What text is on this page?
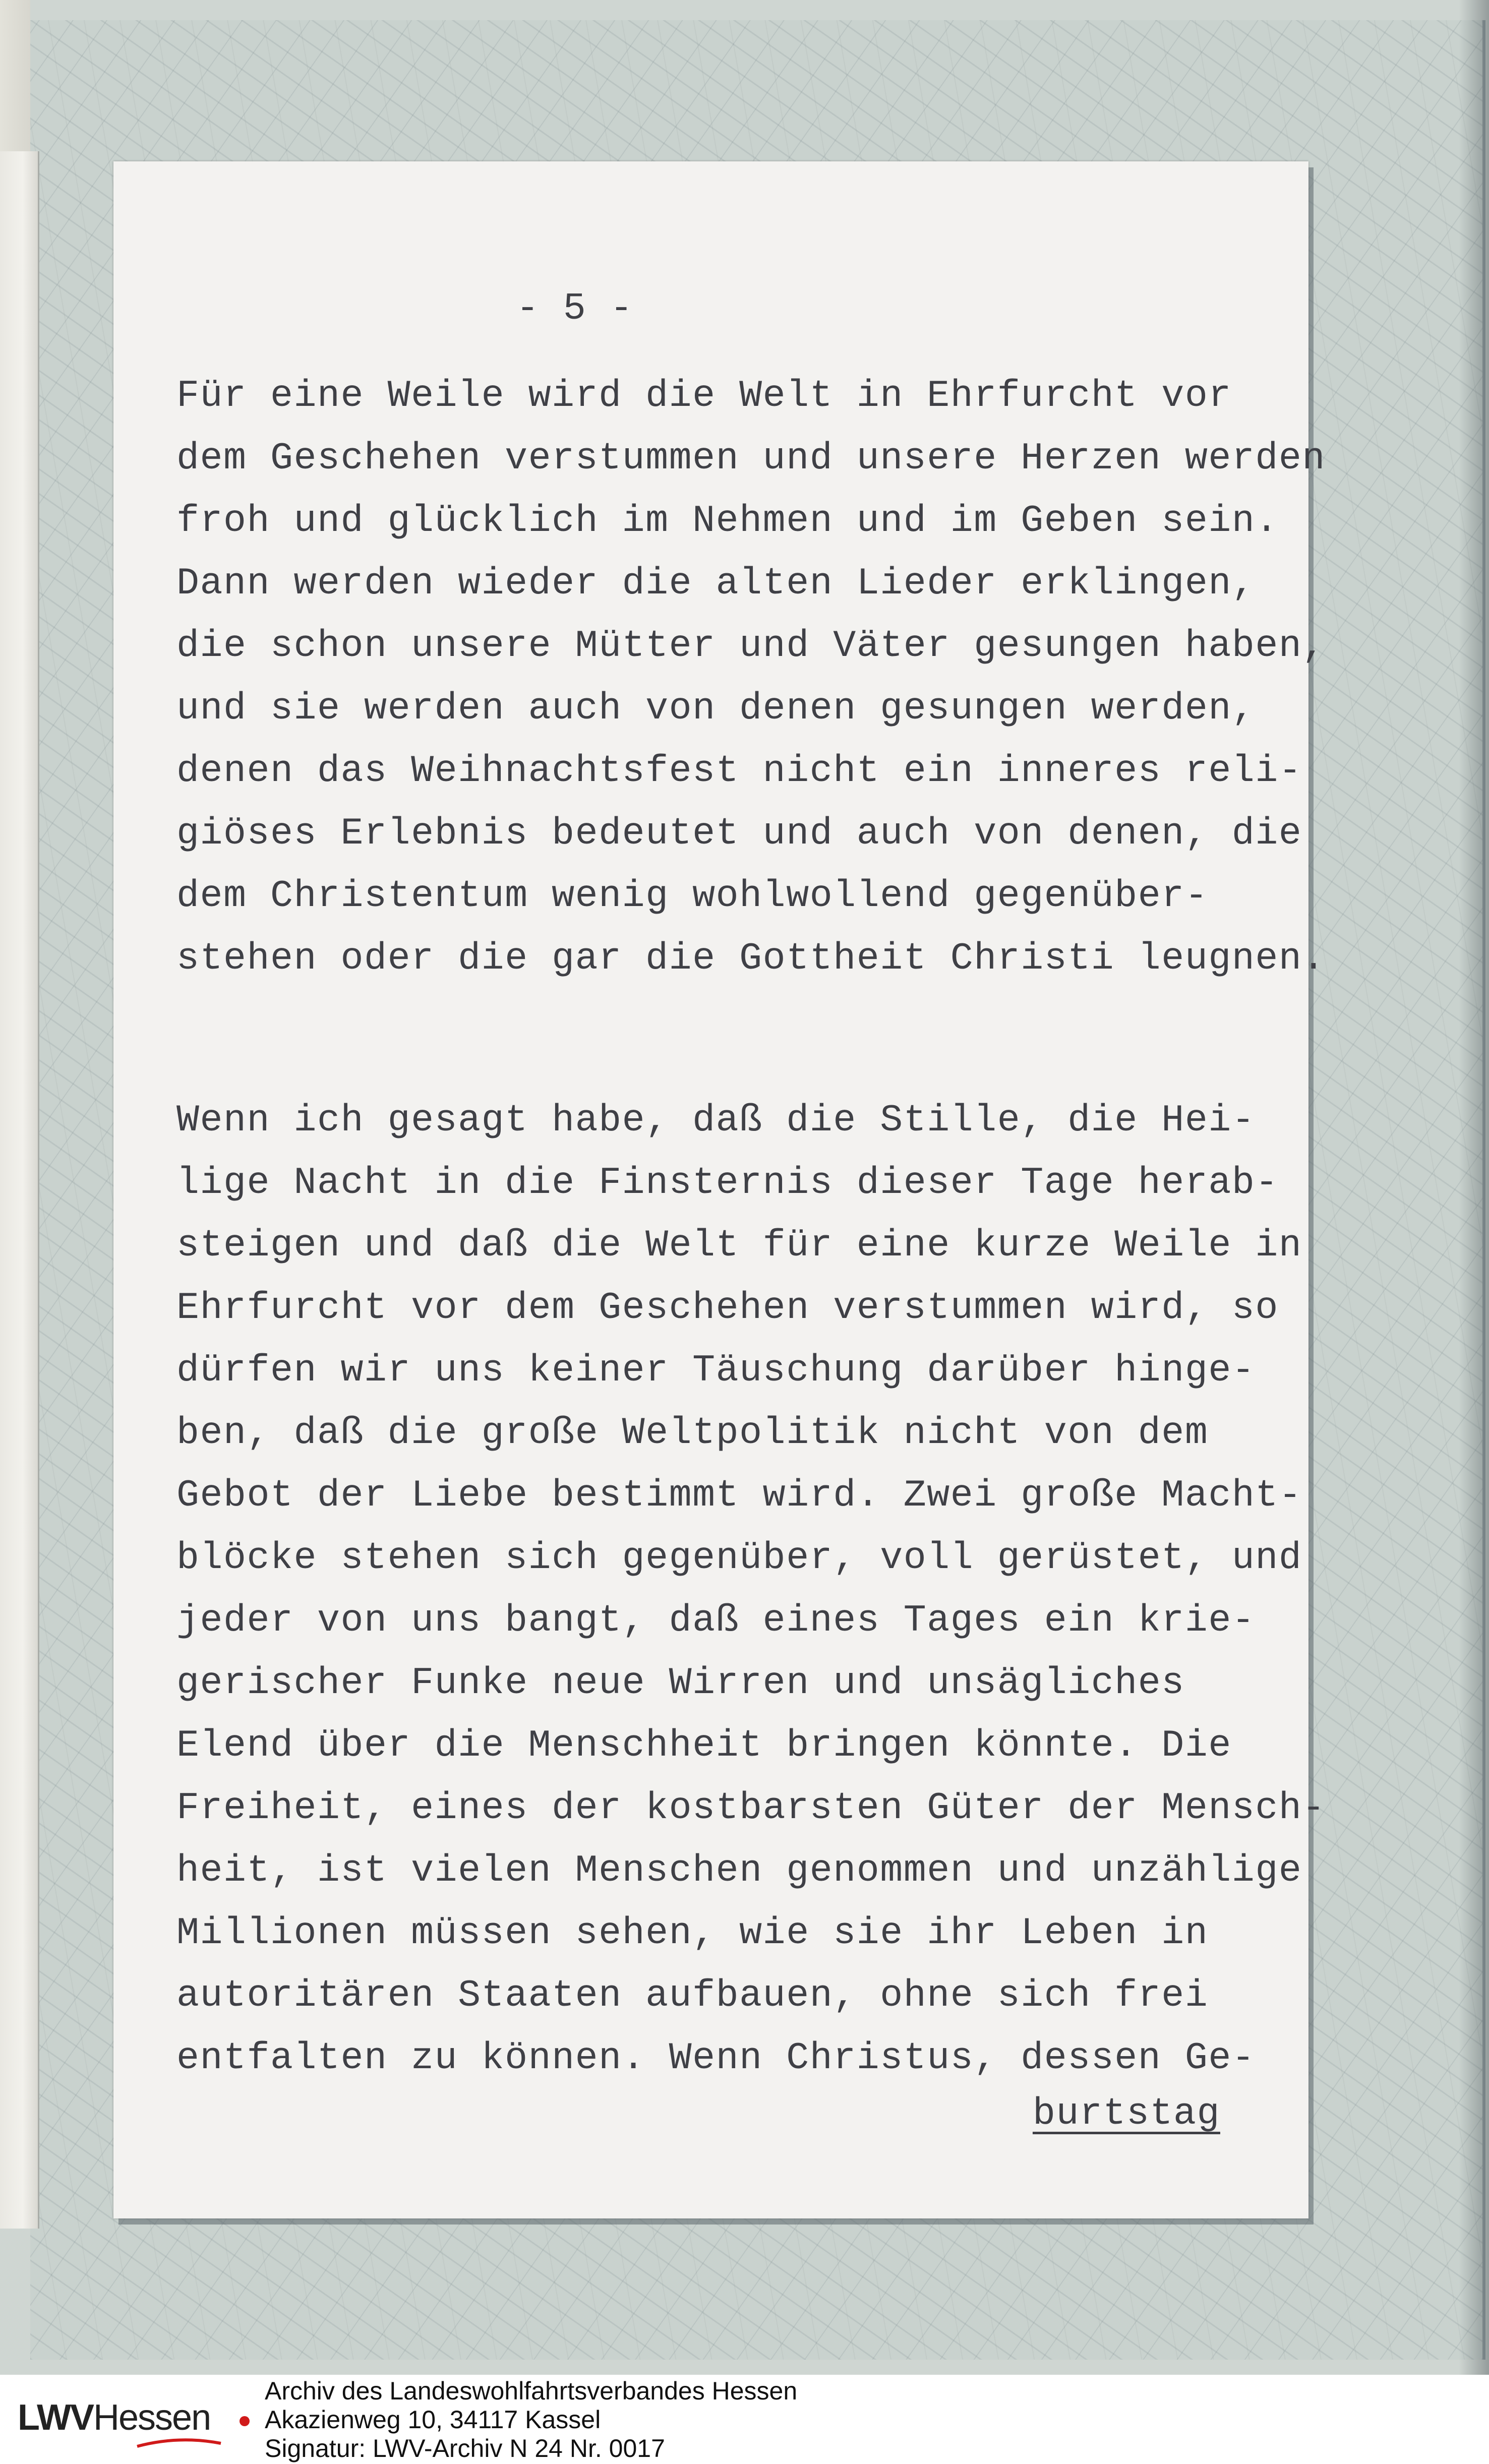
- 5 -
Für eine Weile wird die Welt in Ehrfurcht vor
dem Geschehen verstummen und unsere Herzen werden
froh und glücklich im Nehmen und im Geben sein.
Dann werden wieder die alten Lieder erklingen,
die schon unsere Mütter und Väter gesungen haben,
und sie werden auch von denen gesungen werden,
denen das Weihnachtsfest nicht ein inneres reli-
giöses Erlebnis bedeutet und auch von denen, die
dem Christentum wenig wohlwollend gegenüber-
stehen oder die gar die Gottheit Christi leugnen.
Wenn ich gesagt habe, daß die Stille, die Hei-
lige Nacht in die Finsternis dieser Tage herab-
steigen und daß die Welt für eine kurze Weile in
Ehrfurcht vor dem Geschehen verstummen wird, so
dürfen wir uns keiner Täuschung darüber hinge-
ben, daß die große Weltpolitik nicht von dem
Gebot der Liebe bestimmt wird. Zwei große Macht-
blöcke stehen sich gegenüber, voll gerüstet, und
jeder von uns bangt, daß eines Tages ein krie-
gerischer Funke neue Wirren und unsägliches
Elend über die Menschheit bringen könnte. Die
Freiheit, eines der kostbarsten Güter der Mensch-
heit, ist vielen Menschen genommen und unzählige
Millionen müssen sehen, wie sie ihr Leben in
autoritären Staaten aufbauen, ohne sich frei
entfalten zu können. Wenn Christus, dessen Ge-
burtstag
LWVHessen
Archiv des Landeswohlfahrtsverbandes Hessen
Akazienweg 10, 34117 Kassel
Signatur: LWV-Archiv N 24 Nr. 0017
